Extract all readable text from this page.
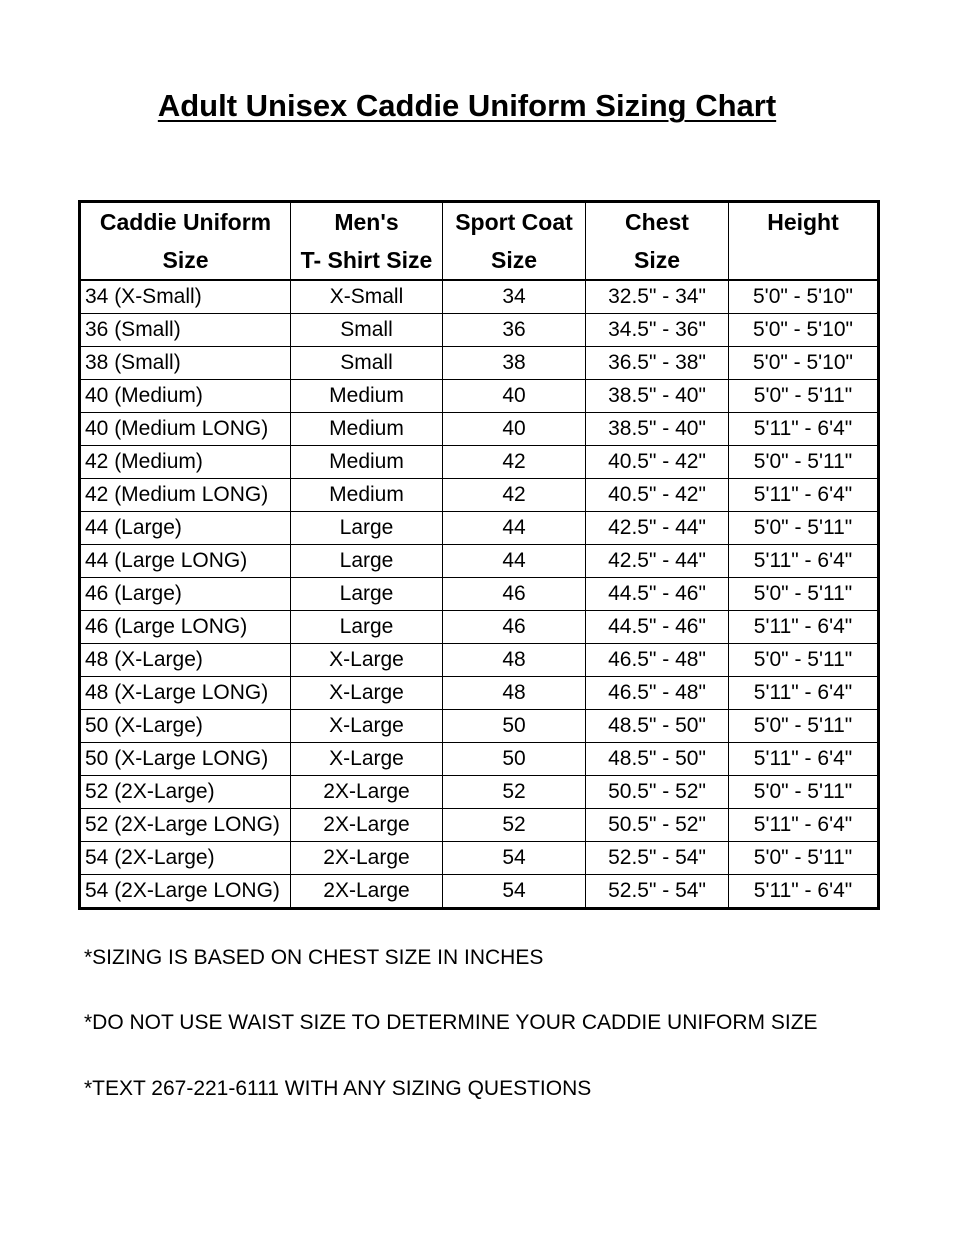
Adult Unisex Caddie Uniform Sizing Chart
Caddie Uniform	Men's	Sport Coat	Chest	Height
Size	T- Shirt Size	Size	Size	
34 (X-Small)	X-Small	34	32.5" - 34"	5'0" - 5'10"
36 (Small)	Small	36	34.5" - 36"	5'0" - 5'10"
38 (Small)	Small	38	36.5" - 38"	5'0" - 5'10"
40 (Medium)	Medium	40	38.5" - 40"	5'0" - 5'11"
40 (Medium LONG)	Medium	40	38.5" - 40"	5'11" - 6'4"
42 (Medium)	Medium	42	40.5" - 42"	5'0" - 5'11"
42 (Medium LONG)	Medium	42	40.5" - 42"	5'11" - 6'4"
44 (Large)	Large	44	42.5" - 44"	5'0" - 5'11"
44 (Large LONG)	Large	44	42.5" - 44"	5'11" - 6'4"
46 (Large)	Large	46	44.5" - 46"	5'0" - 5'11"
46 (Large LONG)	Large	46	44.5" - 46"	5'11" - 6'4"
48 (X-Large)	X-Large	48	46.5" - 48"	5'0" - 5'11"
48 (X-Large LONG)	X-Large	48	46.5" - 48"	5'11" - 6'4"
50 (X-Large)	X-Large	50	48.5" - 50"	5'0" - 5'11"
50 (X-Large LONG)	X-Large	50	48.5" - 50"	5'11" - 6'4"
52 (2X-Large)	2X-Large	52	50.5" - 52"	5'0" - 5'11"
52 (2X-Large LONG)	2X-Large	52	50.5" - 52"	5'11" - 6'4"
54 (2X-Large)	2X-Large	54	52.5" - 54"	5'0" - 5'11"
54 (2X-Large LONG)	2X-Large	54	52.5" - 54"	5'11" - 6'4"
*SIZING IS BASED ON CHEST SIZE IN INCHES
*DO NOT USE WAIST SIZE TO DETERMINE YOUR CADDIE UNIFORM SIZE
*TEXT 267-221-6111 WITH ANY SIZING QUESTIONS
